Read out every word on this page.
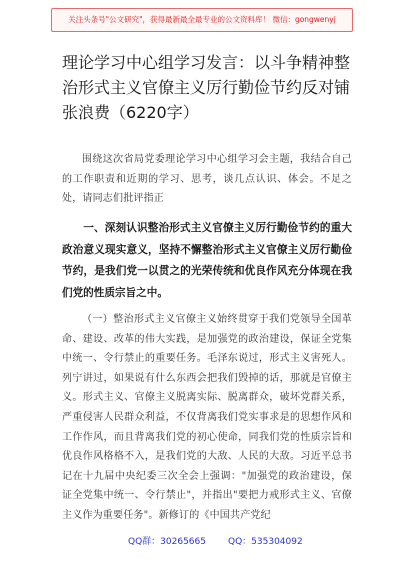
关注头条号"公文研究"，获得最新最全最专业的公文资料库！ 微信：gongwenyj
理论学习中心组学习发言：以斗争精神整治形式主义官僚主义厉行勤俭节约反对铺张浪费（6220字）

围绕这次省局党委理论学习中心组学习会主题，我结合自己的工作职责和近期的学习、思考，谈几点认识、体会。不足之处，请同志们批评指正

一、深刻认识整治形式主义官僚主义厉行勤俭节约的重大政治意义现实意义，坚持不懈整治形式主义官僚主义厉行勤俭节约，是我们党一以贯之的光荣传统和优良作风充分体现在我们党的性质宗旨之中。

（一）整治形式主义官僚主义始终贯穿于我们党领导全国革命、建设、改革的伟大实践，是加强党的政治建设，保证全党集中统一、令行禁止的重要任务。毛泽东说过，形式主义害死人。列宁讲过，如果说有什么东西会把我们毁掉的话，那就是官僚主义。形式主义、官僚主义脱离实际、脱离群众，破坏党群关系，严重侵害人民群众利益，不仅背离我们党实事求是的思想作风和工作作风，而且背离我们党的初心使命，同我们党的性质宗旨和优良作风格格不入，是我们党的大敌、人民的大敌。习近平总书记在十九届中央纪委三次全会上强调："加强党的政治建设，保证全党集中统一、令行禁止"，并指出"要把力戒形式主义、官僚主义作为重要任务"。新修订的《中国共产党纪

QQ群：30265665 QQ：535304092
